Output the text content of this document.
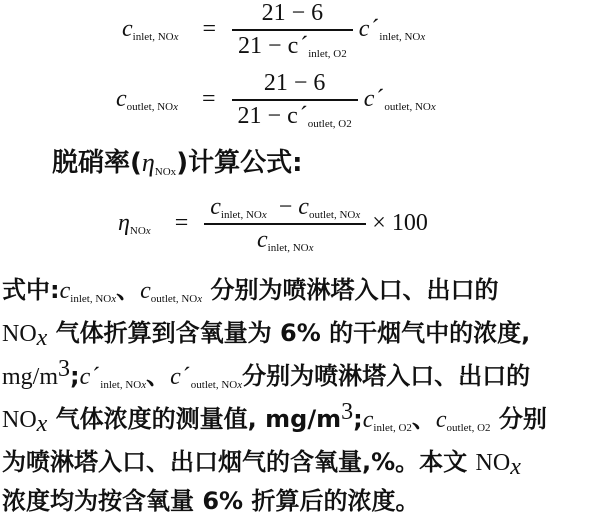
$c_{inlet, NOx} = \frac{21 - 6}{21 - c´_{inlet, O2}}$ $c´_{inlet, NOx}$
$c_{outlet, NOx} = \frac{21 - 6}{21 - c´_{outlet, O2}}$ $c´_{outlet, NOx}$
脱硝率$(\eta_{NOx})$计算公式:
$\eta_{NOx} = \frac{c_{inlet, NOx} - c_{outlet, NOx}}{c_{inlet, NOx}} \times 100$
式中$:c_{inlet, NOx}$、$c_{outlet, NOx}$ 分别为喷淋塔入口、出口的
$NO_x$ 气体折算到含氧量为 6% 的干烟气中的浓度,
$mg/m^3;c´_{inlet, NOx}$、$c´_{outlet, NOx}$分别为喷淋塔入口、出口的
$NO_x$ 气体浓度的测量值, $mg/m^3;c_{inlet, O2}$、$c_{outlet, O2}$ 分别
为喷淋塔入口、出口烟气的含氧量,%。本文 $NO_x$
浓度均为按含氧量 6% 折算后的浓度。
